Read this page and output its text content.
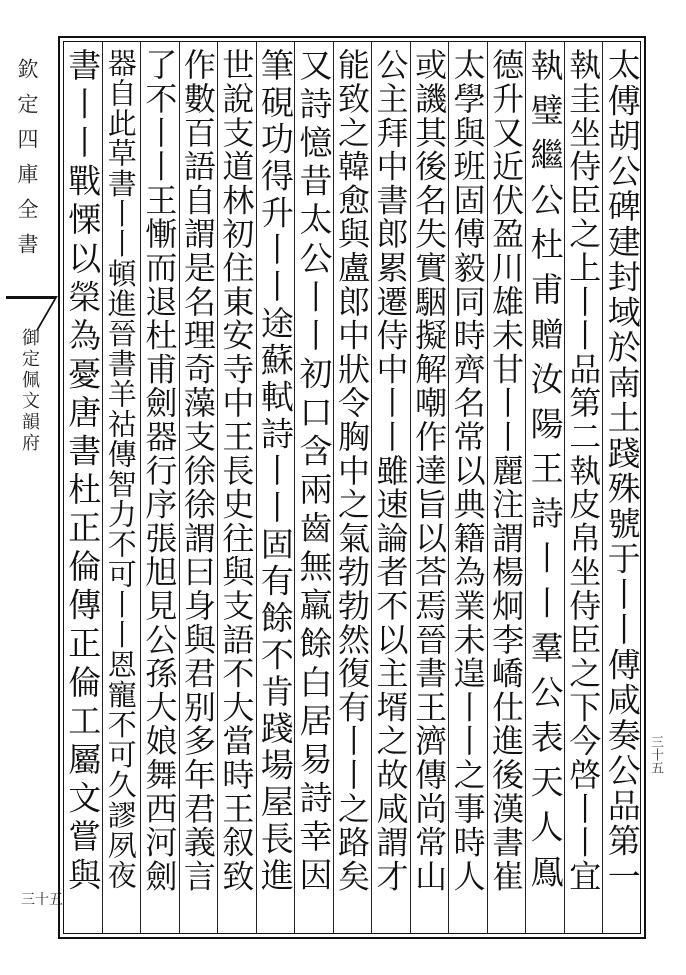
欽定四庫全書
御定佩文韻府
三十五
三十五
太傅胡公碑建封域於南土踐殊號于丨丨傅咸奏公品第一
執圭坐侍臣之上丨丨品第二執皮帛坐侍臣之下今啓丨丨宜
執璧繼公杜甫贈汝陽王詩丨丨羣公表天人鳯
德升又近伏盈川雄未甘丨丨麗注謂楊炯李嶠仕進後漢書崔
太學與班固傅毅同時齊名常以典籍為業未遑丨丨之事時人
或譏其後名失實駰擬解嘲作達旨以荅焉晉書王濟傳尚常山
公主拜中書郎累遷侍中丨丨雖速論者不以主壻之故咸謂才
能致之韓愈與盧郎中狀令胸中之氣勃勃然復有丨丨之路矣
又詩憶昔太公丨丨初口含兩齒無羸餘白居易詩幸因
筆硯功得升丨丨途蘇軾詩丨丨固有餘不肯踐場屋長進
世說支道林初住東安寺中王長史往與支語不大當時王叙致
作數百語自謂是名理奇藻支徐徐謂曰身與君别多年君義言
了不丨丨王慚而退杜甫劍器行序張旭見公孫大娘舞西河劍
器自此草書丨丨頓進晉書羊祜傳智力不可丨丨恩寵不可久謬夙夜
書丨丨戰慄以榮為憂唐書杜正倫傳正倫工屬文嘗與
